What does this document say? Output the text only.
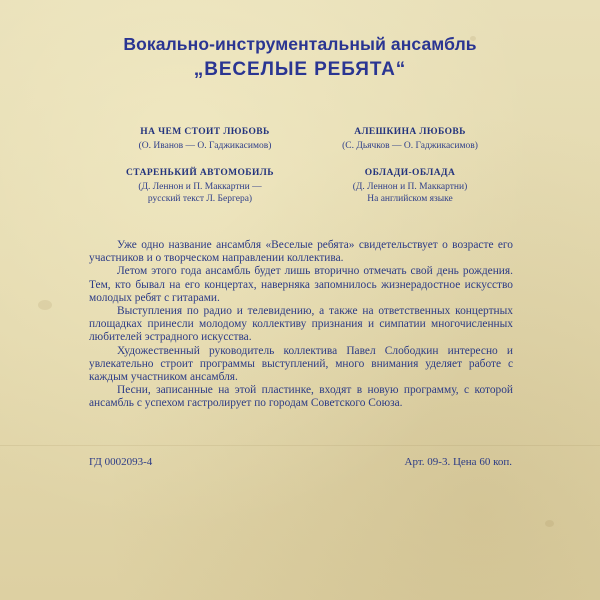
Вокально-инструментальный ансамбль
„ВЕСЕЛЫЕ РЕБЯТА“
НА ЧЕМ СТОИТ ЛЮБОВЬ
(О. Иванов — О. Гаджикасимов)
АЛЕШКИНА ЛЮБОВЬ
(С. Дьячков — О. Гаджикасимов)
СТАРЕНЬКИЙ АВТОМОБИЛЬ
(Д. Леннон и П. Маккартни —
русский текст Л. Бергера)
ОБЛАДИ-ОБЛАДА
(Д. Леннон и П. Маккартни)
На английском языке

Уже одно название ансамбля «Веселые ребята» свидетельствует о возрасте его участников и о творческом направлении коллектива.

Летом этого года ансамбль будет лишь вторично отмечать свой день рождения. Тем, кто бывал на его концертах, наверняка запомнилось жизнерадостное искусство молодых ребят с гитарами.

Выступления по радио и телевидению, а также на ответственных концертных площадках принесли молодому коллективу признания и симпатии многочисленных любителей эстрадного искусства.

Художественный руководитель коллектива Павел Слободкин интересно и увлекательно строит программы выступлений, много внимания уделяет работе с каждым участником ансамбля.

Песни, записанные на этой пластинке, входят в новую программу, с которой ансамбль с успехом гастролирует по городам Советского Союза.

ГД 0002093-4	Арт. 09-3. Цена 60 коп.
